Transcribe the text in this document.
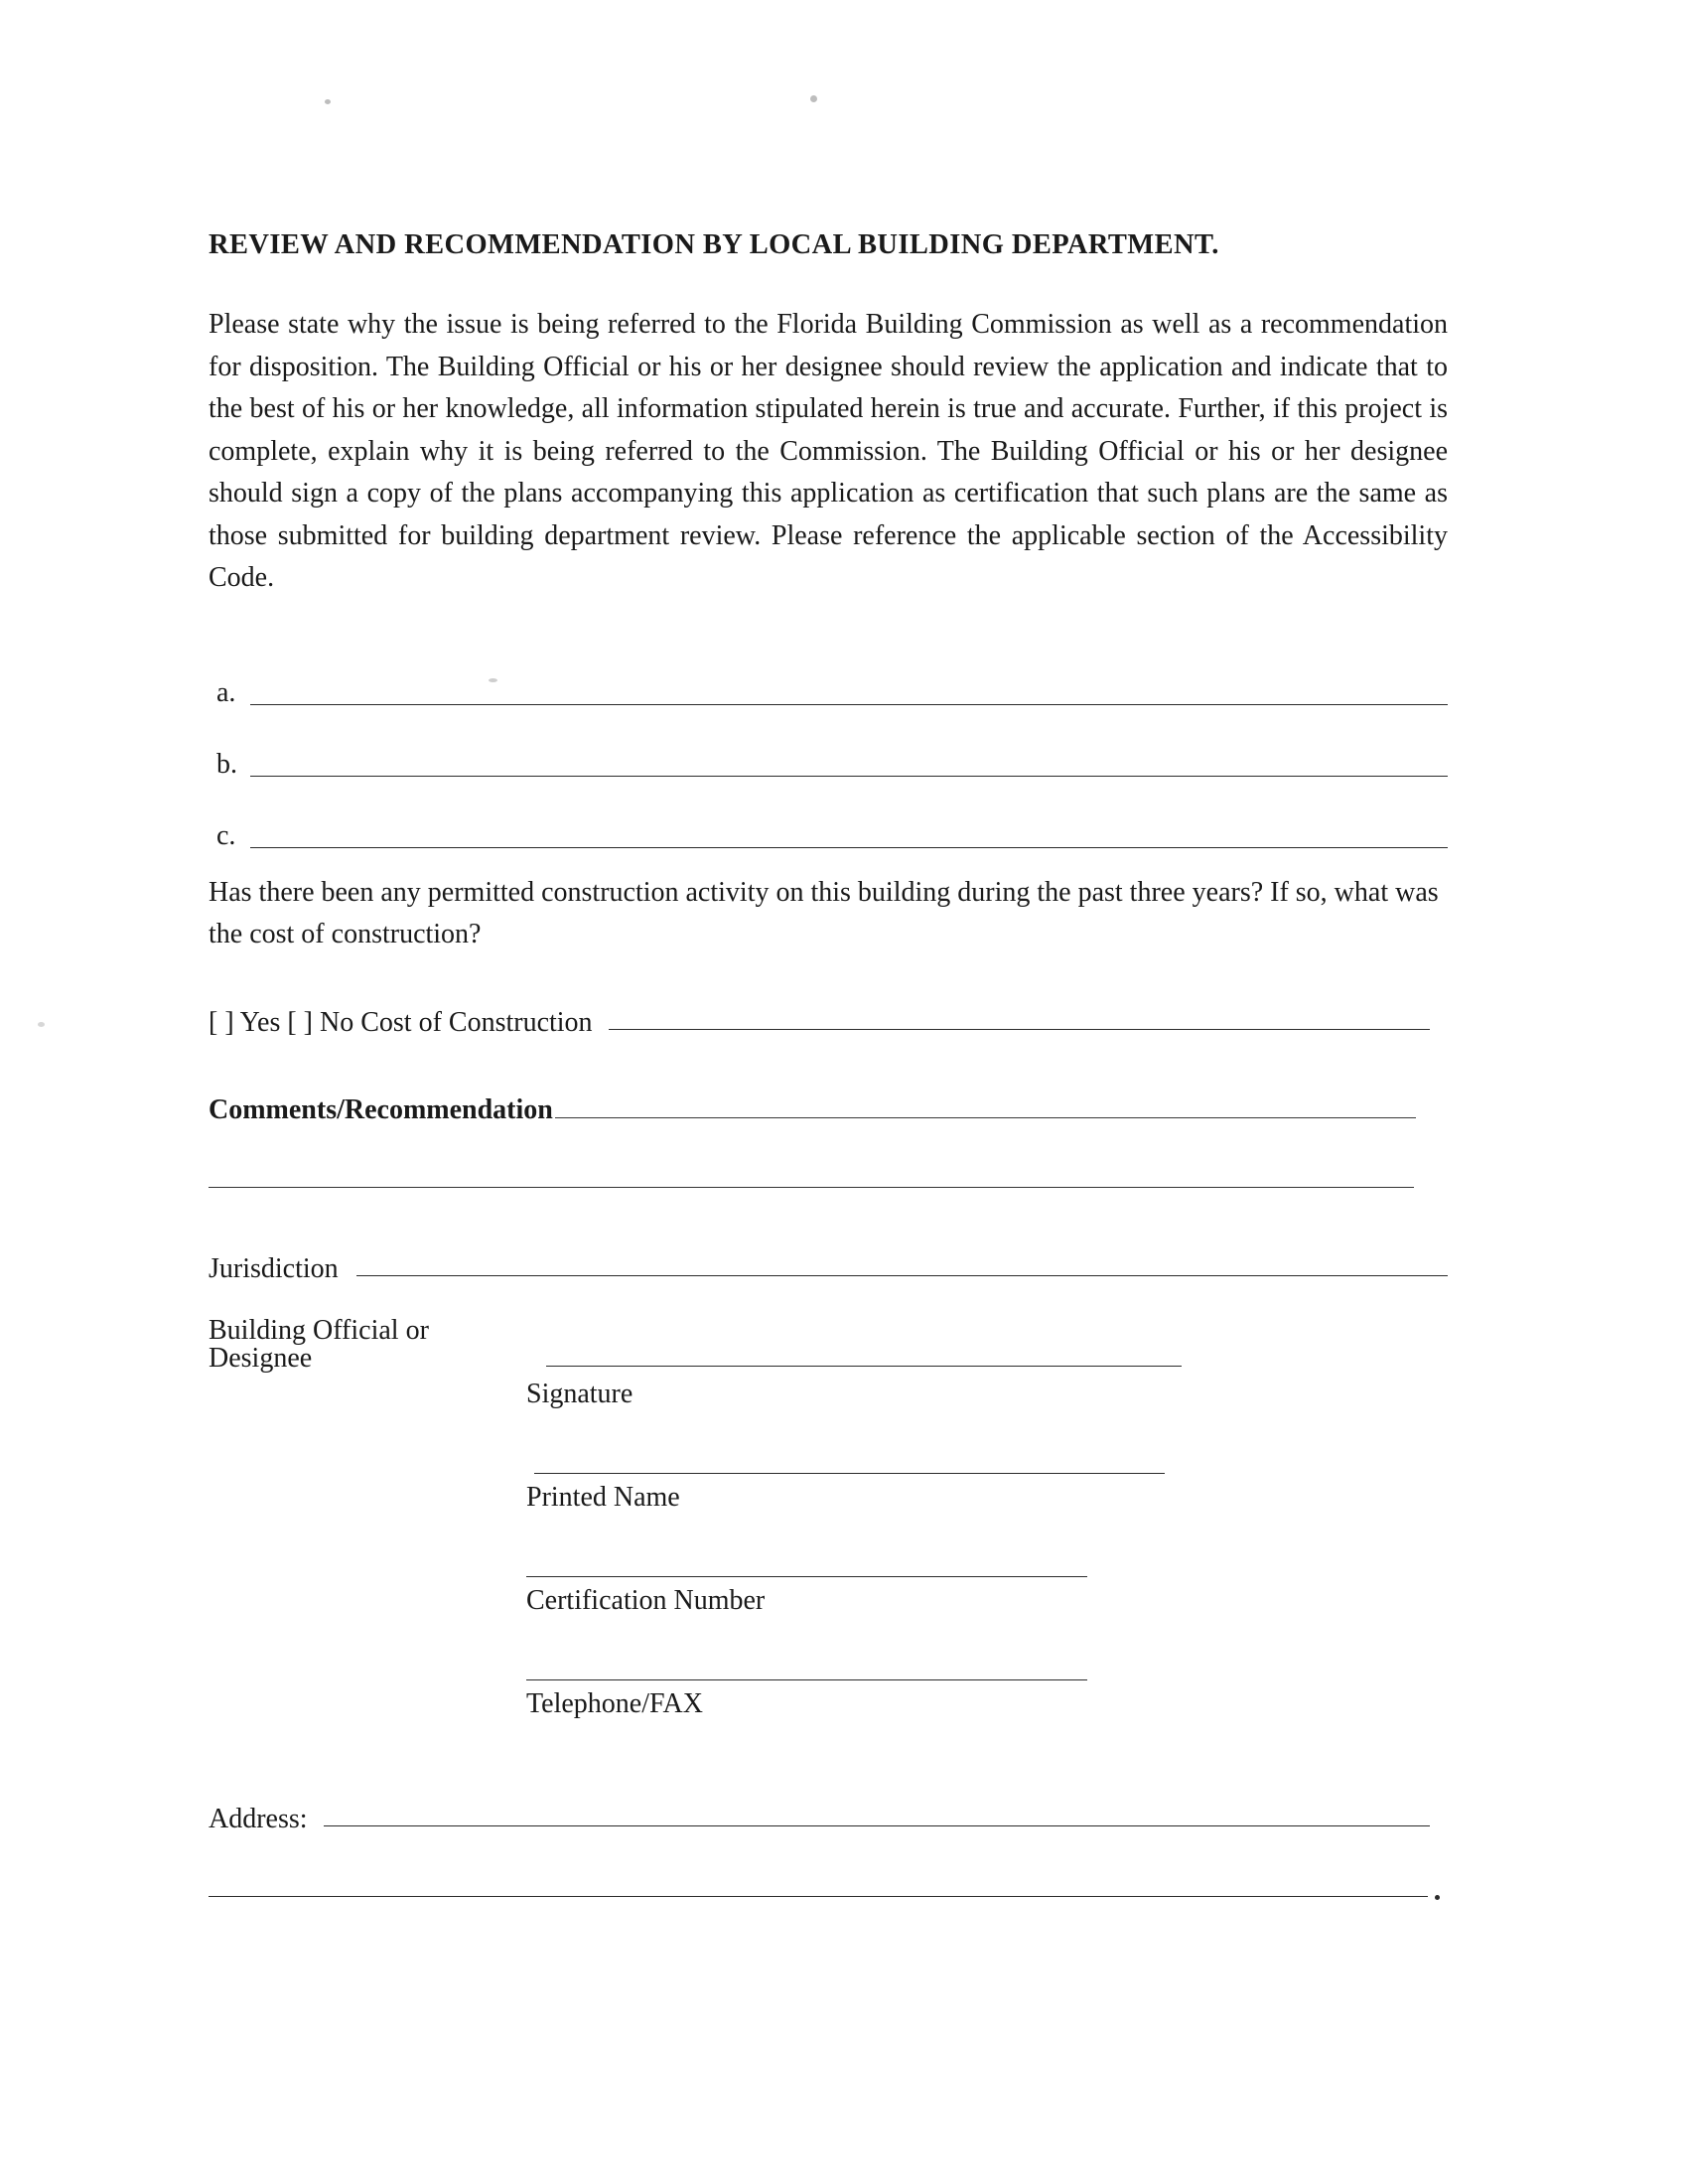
REVIEW AND RECOMMENDATION BY LOCAL BUILDING DEPARTMENT.

Please state why the issue is being referred to the Florida Building Commission as well as a recommendation for disposition. The Building Official or his or her designee should review the application and indicate that to the best of his or her knowledge, all information stipulated herein is true and accurate. Further, if this project is complete, explain why it is being referred to the Commission. The Building Official or his or her designee should sign a copy of the plans accompanying this application as certification that such plans are the same as those submitted for building department review. Please reference the applicable section of the Accessibility Code.

a.
b.
c.

Has there been any permitted construction activity on this building during the past three years? If so, what was the cost of construction?

[ ] Yes [ ] No Cost of Construction
Comments/Recommendation
Jurisdiction
Building Official or Designee
Signature
Printed Name
Certification Number
Telephone/FAX
Address:
